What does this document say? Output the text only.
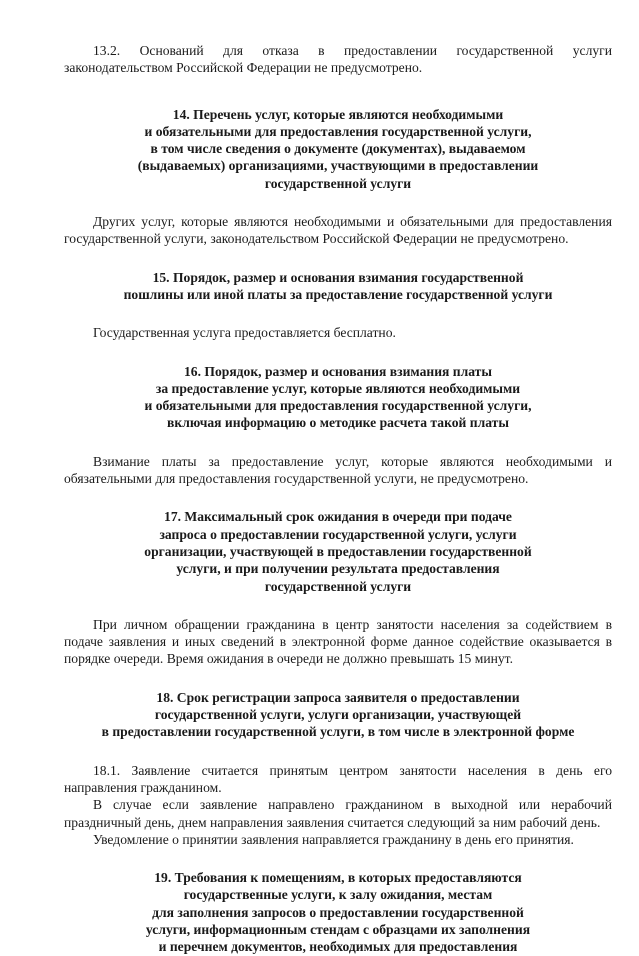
13.2. Оснований для отказа в предоставлении государственной услуги законодательством Российской Федерации не предусмотрено.

14. Перечень услуг, которые являются необходимыми
и обязательными для предоставления государственной услуги,
в том числе сведения о документе (документах), выдаваемом
(выдаваемых) организациями, участвующими в предоставлении
государственной услуги

Других услуг, которые являются необходимыми и обязательными для предоставления государственной услуги, законодательством Российской Федерации не предусмотрено.

15. Порядок, размер и основания взимания государственной
пошлины или иной платы за предоставление государственной услуги

Государственная услуга предоставляется бесплатно.

16. Порядок, размер и основания взимания платы
за предоставление услуг, которые являются необходимыми
и обязательными для предоставления государственной услуги,
включая информацию о методике расчета такой платы

Взимание платы за предоставление услуг, которые являются необходимыми и обязательными для предоставления государственной услуги, не предусмотрено.

17. Максимальный срок ожидания в очереди при подаче
запроса о предоставлении государственной услуги, услуги
организации, участвующей в предоставлении государственной
услуги, и при получении результата предоставления
государственной услуги

При личном обращении гражданина в центр занятости населения за содействием в подаче заявления и иных сведений в электронной форме данное содействие оказывается в порядке очереди. Время ожидания в очереди не должно превышать 15 минут.

18. Срок регистрации запроса заявителя о предоставлении
государственной услуги, услуги организации, участвующей
в предоставлении государственной услуги, в том числе в электронной форме

18.1. Заявление считается принятым центром занятости населения в день его направления гражданином.

В случае если заявление направлено гражданином в выходной или нерабочий праздничный день, днем направления заявления считается следующий за ним рабочий день.

Уведомление о принятии заявления направляется гражданину в день его принятия.

19. Требования к помещениям, в которых предоставляются
государственные услуги, к залу ожидания, местам
для заполнения запросов о предоставлении государственной
услуги, информационным стендам с образцами их заполнения
и перечнем документов, необходимых для предоставления
